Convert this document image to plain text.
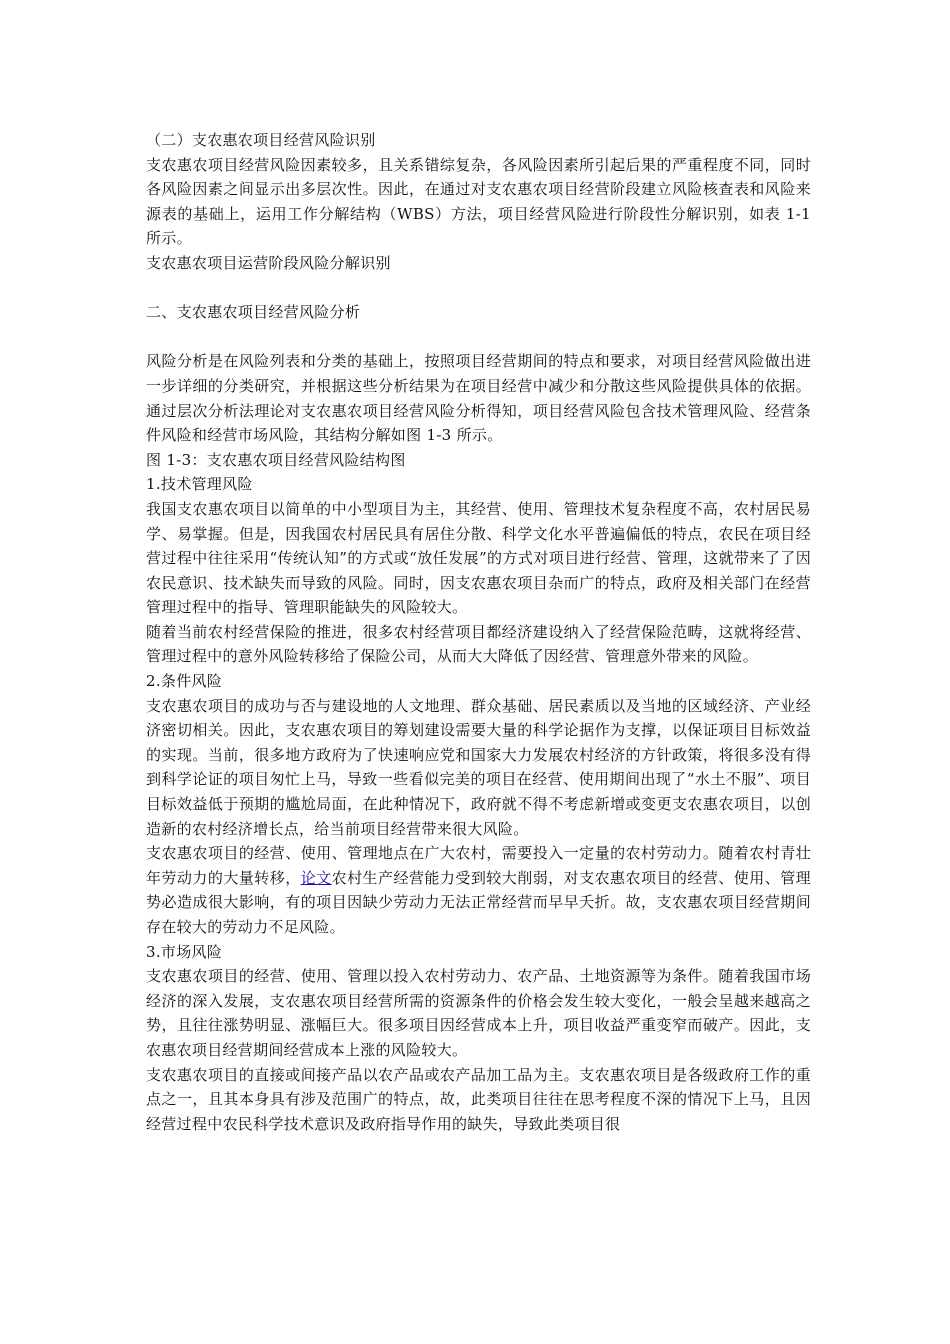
（二）支农惠农项目经营风险识别
支农惠农项目经营风险因素较多，且关系错综复杂，各风险因素所引起后果的严重程度不同，同时各风险因素之间显示出多层次性。因此，在通过对支农惠农项目经营阶段建立风险核查表和风险来源表的基础上，运用工作分解结构（WBS）方法，项目经营风险进行阶段性分解识别，如表 1-1 所示。
支农惠农项目运营阶段风险分解识别
二、支农惠农项目经营风险分析
风险分析是在风险列表和分类的基础上，按照项目经营期间的特点和要求，对项目经营风险做出进一步详细的分类研究，并根据这些分析结果为在项目经营中减少和分散这些风险提供具体的依据。通过层次分析法理论对支农惠农项目经营风险分析得知，项目经营风险包含技术管理风险、经营条件风险和经营市场风险，其结构分解如图 1-3 所示。
图 1-3：支农惠农项目经营风险结构图
1.技术管理风险
我国支农惠农项目以简单的中小型项目为主，其经营、使用、管理技术复杂程度不高，农村居民易学、易掌握。但是，因我国农村居民具有居住分散、科学文化水平普遍偏低的特点，农民在项目经营过程中往往采用“传统认知”的方式或“放任发展”的方式对项目进行经营、管理，这就带来了了因农民意识、技术缺失而导致的风险。同时，因支农惠农项目杂而广的特点，政府及相关部门在经营管理过程中的指导、管理职能缺失的风险较大。
随着当前农村经营保险的推进，很多农村经营项目都经济建设纳入了经营保险范畴，这就将经营、管理过程中的意外风险转移给了保险公司，从而大大降低了因经营、管理意外带来的风险。
2.条件风险
支农惠农项目的成功与否与建设地的人文地理、群众基础、居民素质以及当地的区域经济、产业经济密切相关。因此，支农惠农项目的筹划建设需要大量的科学论据作为支撑，以保证项目目标效益的实现。当前，很多地方政府为了快速响应党和国家大力发展农村经济的方针政策，将很多没有得到科学论证的项目匆忙上马，导致一些看似完美的项目在经营、使用期间出现了“水土不服”、项目目标效益低于预期的尴尬局面，在此种情况下，政府就不得不考虑新增或变更支农惠农项目，以创造新的农村经济增长点，给当前项目经营带来很大风险。
支农惠农项目的经营、使用、管理地点在广大农村，需要投入一定量的农村劳动力。随着农村青壮年劳动力的大量转移，论文农村生产经营能力受到较大削弱，对支农惠农项目的经营、使用、管理势必造成很大影响，有的项目因缺少劳动力无法正常经营而早早夭折。故，支农惠农项目经营期间存在较大的劳动力不足风险。
3.市场风险
支农惠农项目的经营、使用、管理以投入农村劳动力、农产品、土地资源等为条件。随着我国市场经济的深入发展，支农惠农项目经营所需的资源条件的价格会发生较大变化，一般会呈越来越高之势，且往往涨势明显、涨幅巨大。很多项目因经营成本上升，项目收益严重变窄而破产。因此，支农惠农项目经营期间经营成本上涨的风险较大。
支农惠农项目的直接或间接产品以农产品或农产品加工品为主。支农惠农项目是各级政府工作的重点之一，且其本身具有涉及范围广的特点，故，此类项目往往在思考程度不深的情况下上马，且因经营过程中农民科学技术意识及政府指导作用的缺失，导致此类项目很
